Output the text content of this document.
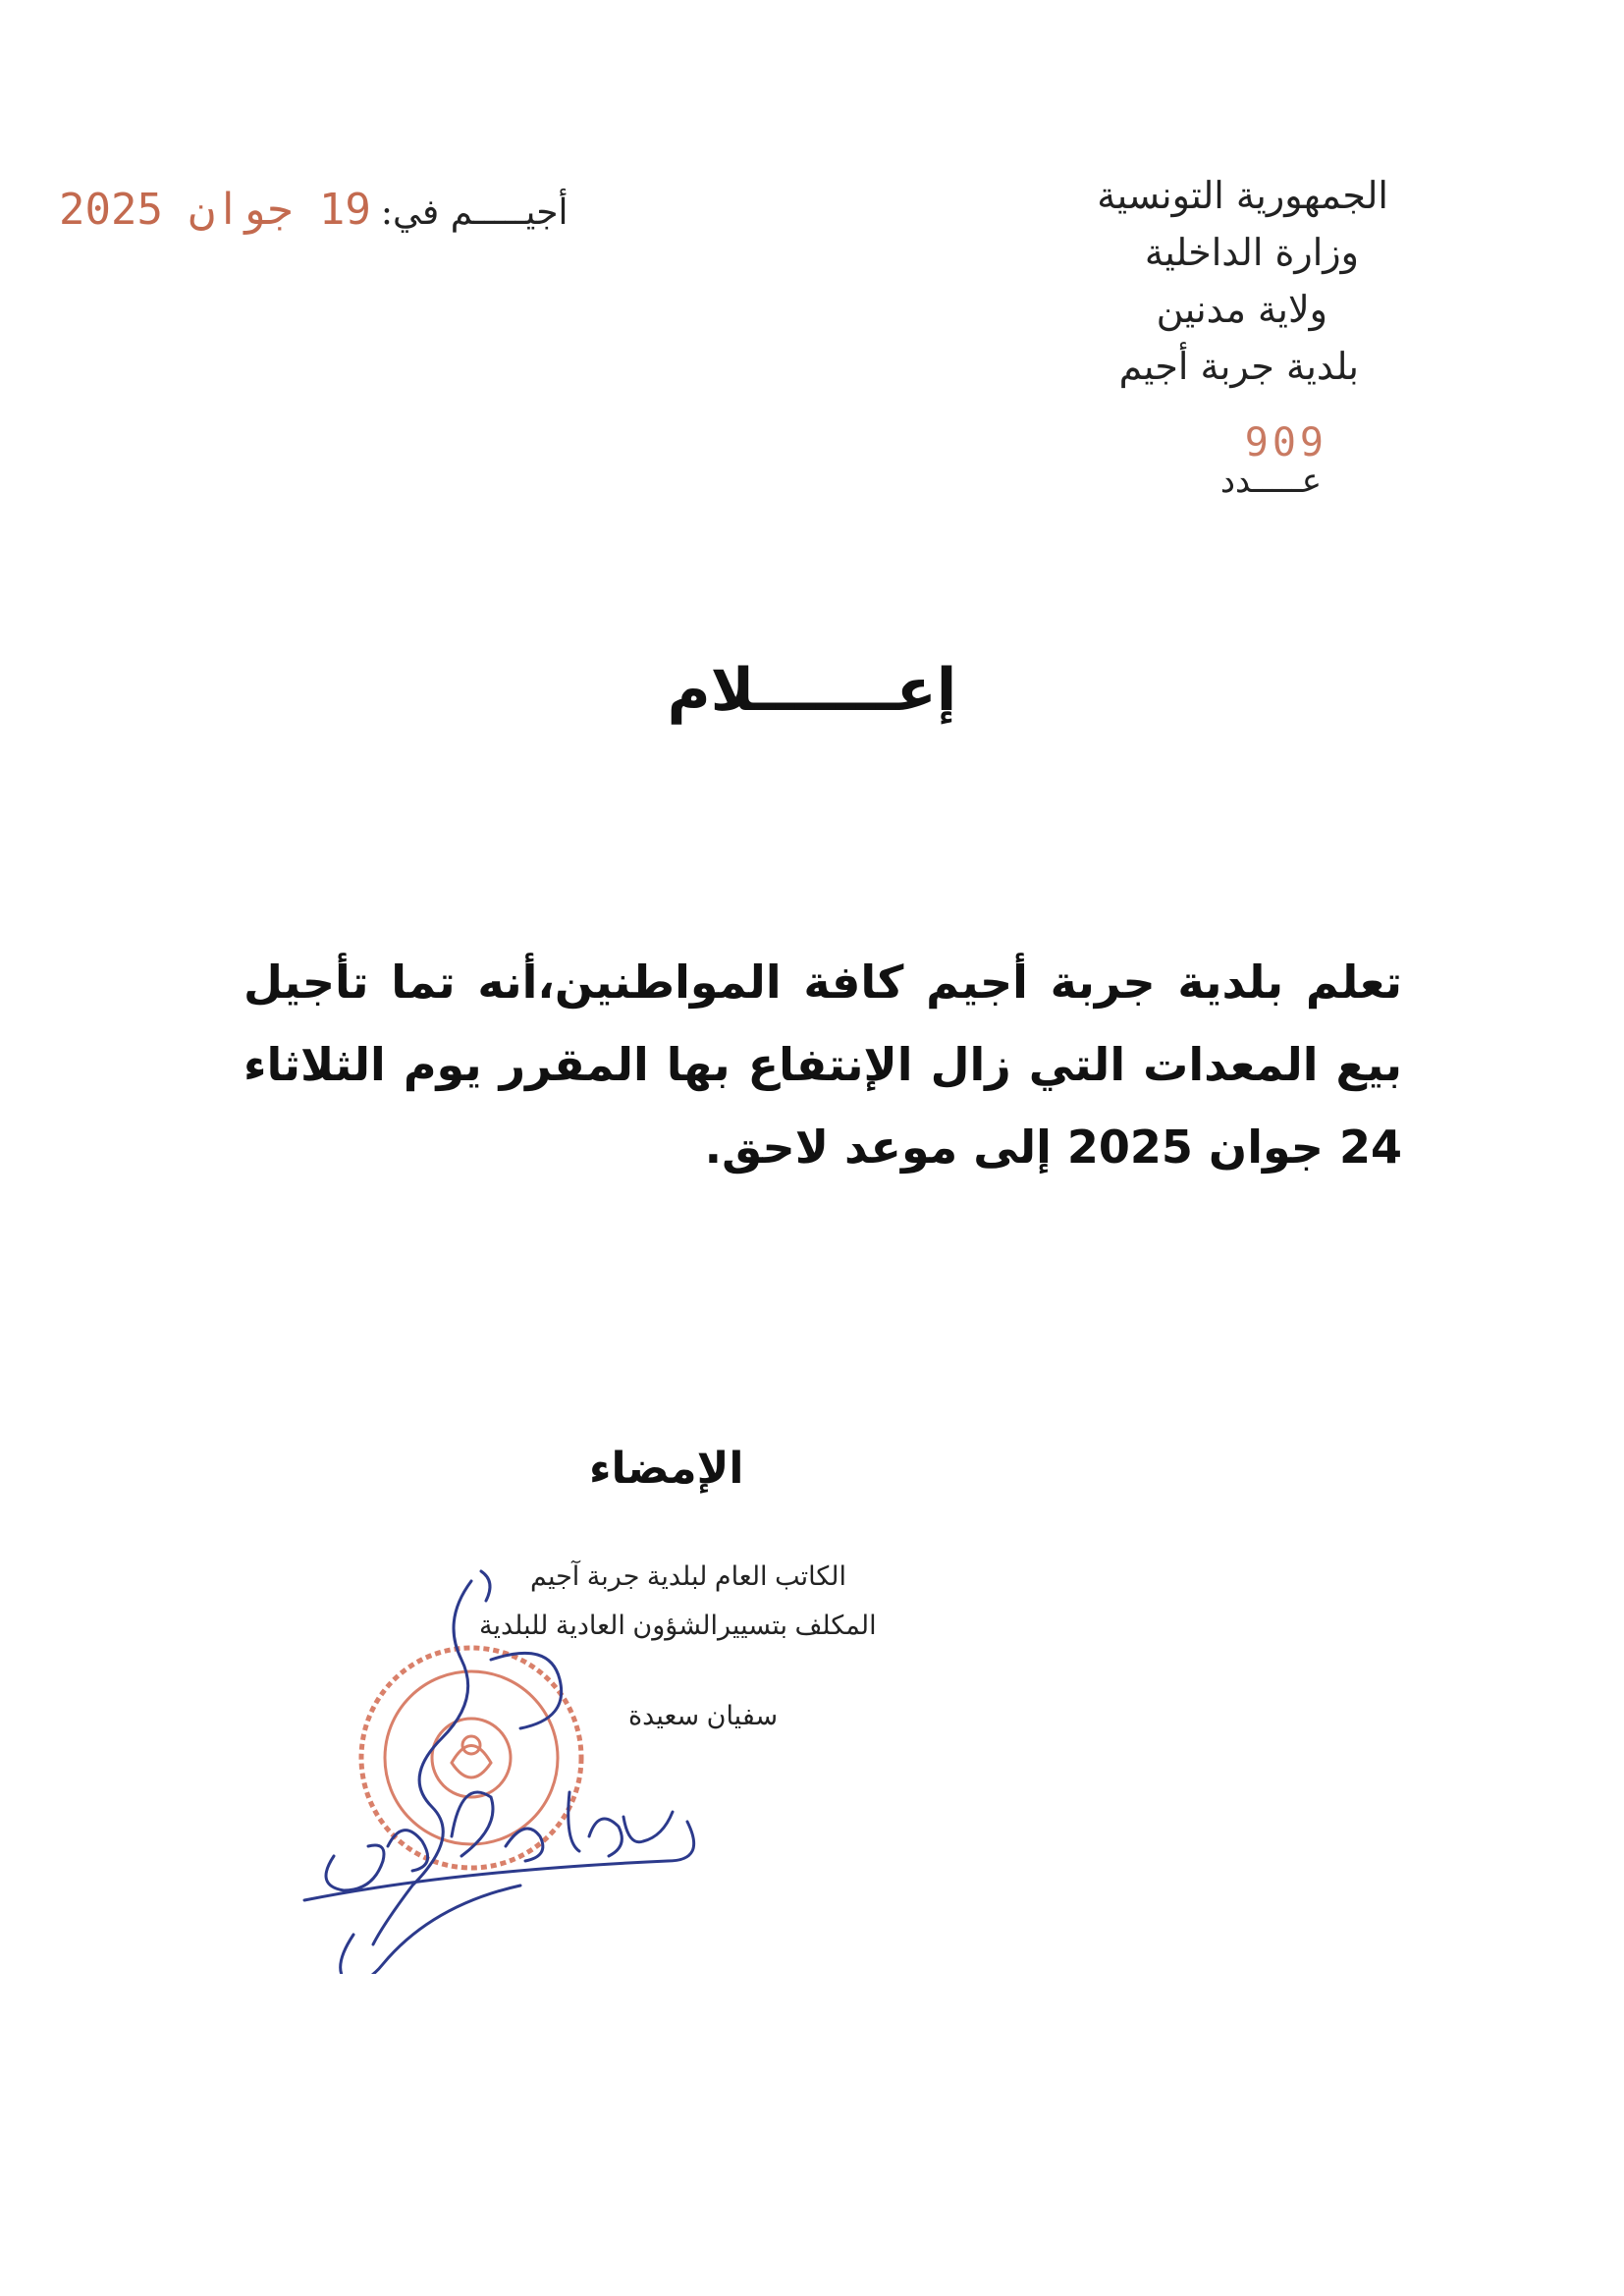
الجمهورية التونسية
وزارة الداخلية
ولاية مدنين
بلدية جربة أجيم
909
عـــــدد
19 جوان 2025 أجيـــــم في:
إعـــــــلام
تعلم بلدية جربة أجيم كافة المواطنين،أنه تما تأجيل بيع المعدات التي زال الإنتفاع بها المقرر يوم الثلاثاء 24 جوان 2025 إلى موعد لاحق.
الإمضاء
الكاتب العام لبلدية جربة آجيم
المكلف بتسييرالشؤون العادية للبلدية
سفيان سعيدة
